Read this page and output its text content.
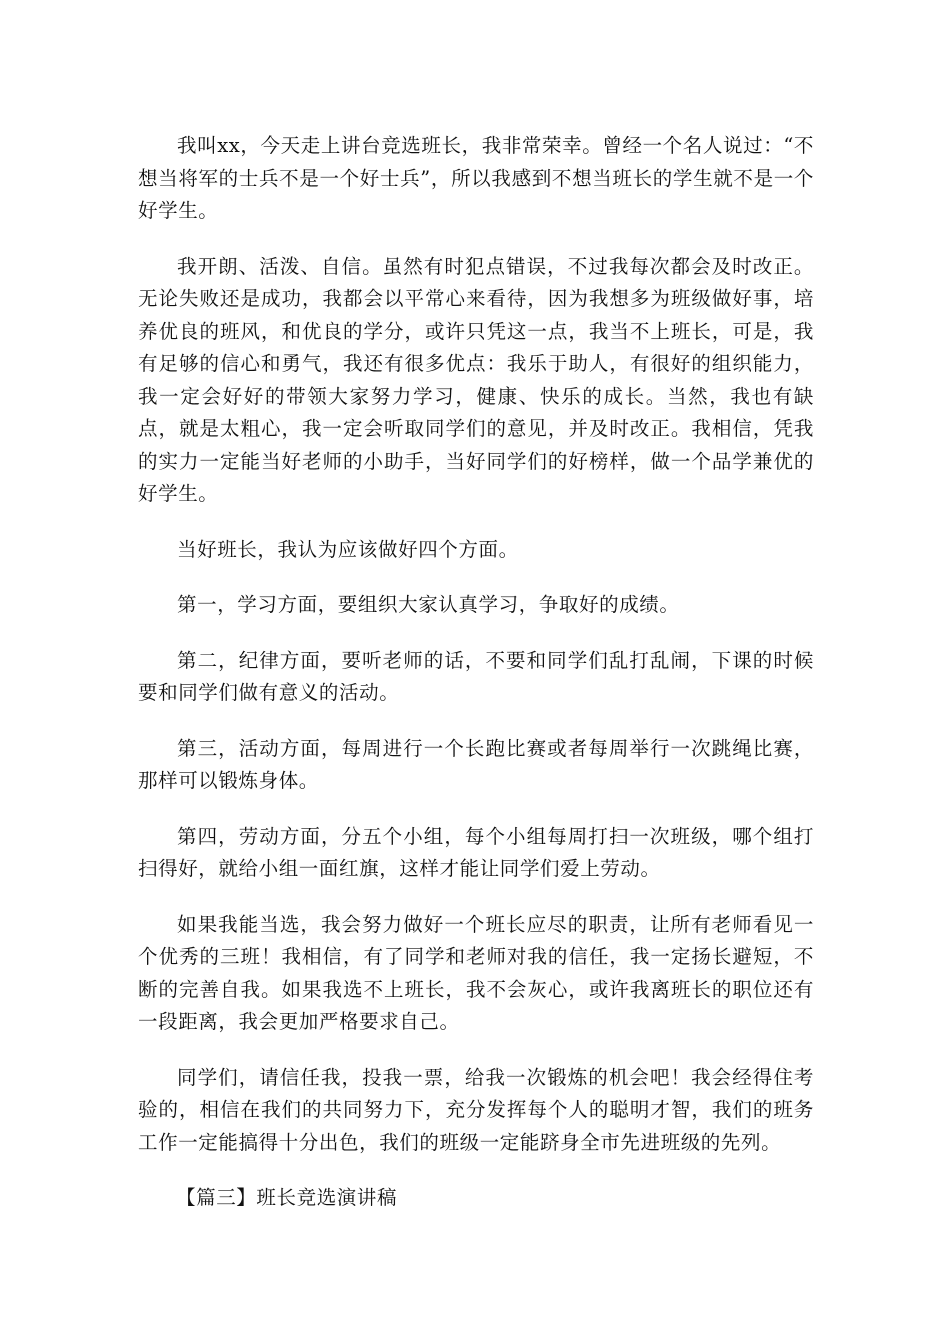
我叫xx，今天走上讲台竞选班长，我非常荣幸。曾经一个名人说过：“不想当将军的士兵不是一个好士兵”，所以我感到不想当班长的学生就不是一个好学生。

我开朗、活泼、自信。虽然有时犯点错误，不过我每次都会及时改正。无论失败还是成功，我都会以平常心来看待，因为我想多为班级做好事，培养优良的班风，和优良的学分，或许只凭这一点，我当不上班长，可是，我有足够的信心和勇气，我还有很多优点：我乐于助人，有很好的组织能力，我一定会好好的带领大家努力学习，健康、快乐的成长。当然，我也有缺点，就是太粗心，我一定会听取同学们的意见，并及时改正。我相信，凭我的实力一定能当好老师的小助手，当好同学们的好榜样，做一个品学兼优的好学生。

当好班长，我认为应该做好四个方面。

第一，学习方面，要组织大家认真学习，争取好的成绩。

第二，纪律方面，要听老师的话，不要和同学们乱打乱闹，下课的时候要和同学们做有意义的活动。

第三，活动方面，每周进行一个长跑比赛或者每周举行一次跳绳比赛，那样可以锻炼身体。

第四，劳动方面，分五个小组，每个小组每周打扫一次班级，哪个组打扫得好，就给小组一面红旗，这样才能让同学们爱上劳动。

如果我能当选，我会努力做好一个班长应尽的职责，让所有老师看见一个优秀的三班！我相信，有了同学和老师对我的信任，我一定扬长避短，不断的完善自我。如果我选不上班长，我不会灰心，或许我离班长的职位还有一段距离，我会更加严格要求自己。

同学们，请信任我，投我一票，给我一次锻炼的机会吧！我会经得住考验的，相信在我们的共同努力下，充分发挥每个人的聪明才智，我们的班务工作一定能搞得十分出色，我们的班级一定能跻身全市先进班级的先列。

【篇三】班长竞选演讲稿
